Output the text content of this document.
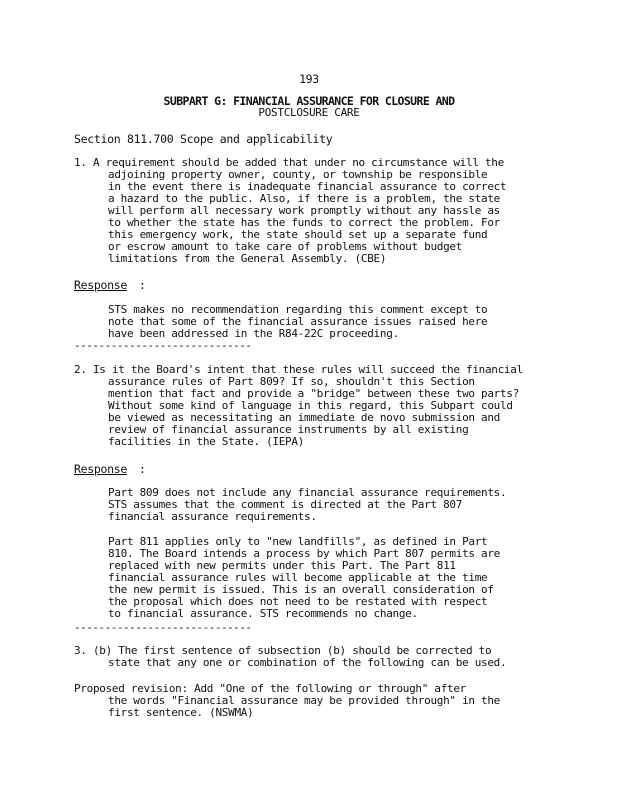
193
SUBPART G: FINANCIAL ASSURANCE FOR CLOSURE AND
POSTCLOSURE CARE
Section 811.700 Scope and applicability
1. A requirement should be added that under no circumstance will the
adjoining property owner, county, or township be responsible
in the event there is inadequate financial assurance to correct
a hazard to the public. Also, if there is a problem, the state
will perform all necessary work promptly without any hassle as
to whether the state has the funds to correct the problem. For
this emergency work, the state should set up a separate fund
or escrow amount to take care of problems without budget
limitations from the General Assembly. (CBE)
Response :
STS makes no recommendation regarding this comment except to
note that some of the financial assurance issues raised here
have been addressed in the R84-22C proceeding.
-----------------------------
2. Is it the Board's intent that these rules will succeed the financial
assurance rules of Part 809? If so, shouldn't this Section
mention that fact and provide a "bridge" between these two parts?
Without some kind of language in this regard, this Subpart could
be viewed as necessitating an immediate de novo submission and
review of financial assurance instruments by all existing
facilities in the State. (IEPA)
Response :
Part 809 does not include any financial assurance requirements.
STS assumes that the comment is directed at the Part 807
financial assurance requirements.
Part 811 applies only to "new landfills", as defined in Part
810. The Board intends a process by which Part 807 permits are
replaced with new permits under this Part. The Part 811
financial assurance rules will become applicable at the time
the new permit is issued. This is an overall consideration of
the proposal which does not need to be restated with respect
to financial assurance. STS recommends no change.
-----------------------------
3. (b) The first sentence of subsection (b) should be corrected to
state that any one or combination of the following can be used.
Proposed revision: Add "One of the following or through" after
the words "Financial assurance may be provided through" in the
first sentence. (NSWMA)
